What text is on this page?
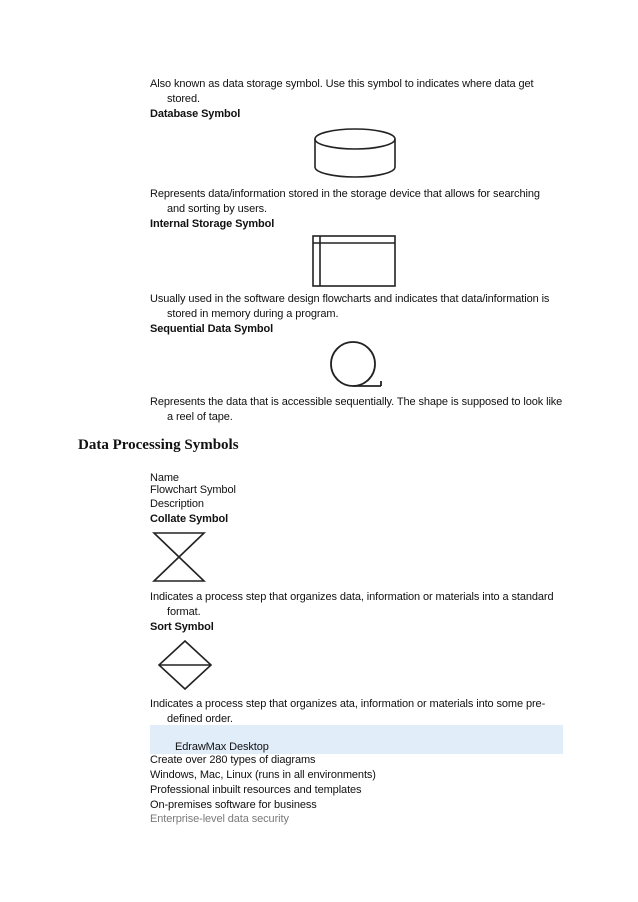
Also known as data storage symbol. Use this symbol to indicates where data get
stored.
Database Symbol
Represents data/information stored in the storage device that allows for searching
and sorting by users.
Internal Storage Symbol
Usually used in the software design flowcharts and indicates that data/information is
stored in memory during a program.
Sequential Data Symbol
Represents the data that is accessible sequentially. The shape is supposed to look like
a reel of tape.
Data Processing Symbols
Name
Flowchart Symbol
Description
Collate Symbol
Indicates a process step that organizes data, information or materials into a standard
format.
Sort Symbol
Indicates a process step that organizes ata, information or materials into some pre-
defined order.
EdrawMax Desktop
Create over 280 types of diagrams
Windows, Mac, Linux (runs in all environments)
Professional inbuilt resources and templates
On-premises software for business
Enterprise-level data security
